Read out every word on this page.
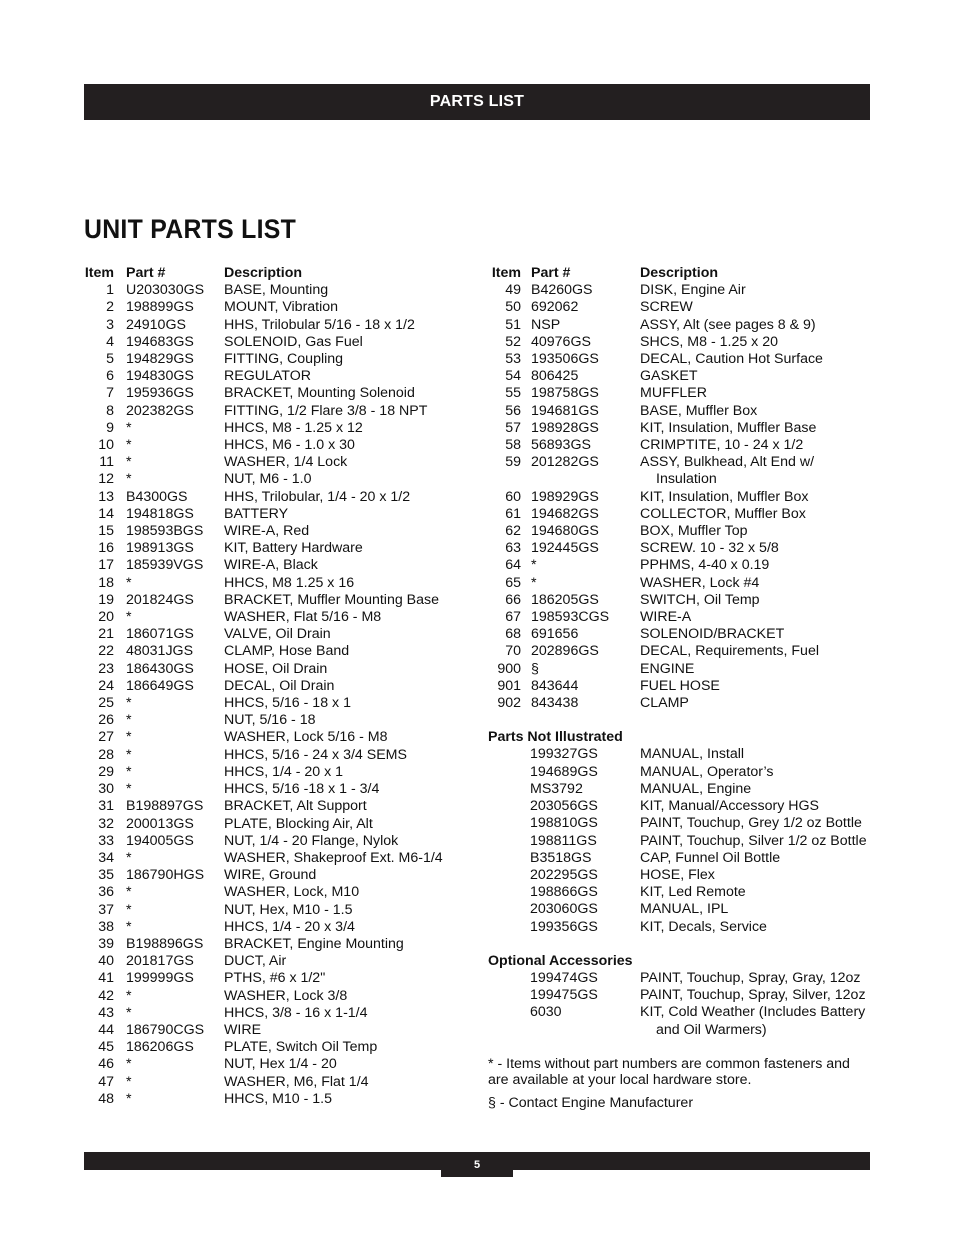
PARTS LIST
UNIT PARTS LIST
Item Part #	Description
1 U203030GS	BASE, Mounting
2 198899GS	MOUNT, Vibration
3 24910GS	HHS, Trilobular 5/16 - 18 x 1/2
4 194683GS	SOLENOID, Gas Fuel
5 194829GS	FITTING, Coupling
6 194830GS	REGULATOR
7 195936GS	BRACKET, Mounting Solenoid
8 202382GS	FITTING, 1/2 Flare 3/8 - 18 NPT
9 *	HHCS, M8 - 1.25 x 12
10 *	HHCS, M6 - 1.0 x 30
11 *	WASHER, 1/4 Lock
12 *	NUT, M6 - 1.0
13 B4300GS	HHS, Trilobular, 1/4 - 20 x 1/2
14 194818GS	BATTERY
15 198593BGS	WIRE-A, Red
16 198913GS	KIT, Battery Hardware
17 185939VGS	WIRE-A, Black
18 *	HHCS, M8 1.25 x 16
19 201824GS	BRACKET, Muffler Mounting Base
20 *	WASHER, Flat 5/16 - M8
21 186071GS	VALVE, Oil Drain
22 48031JGS	CLAMP, Hose Band
23 186430GS	HOSE, Oil Drain
24 186649GS	DECAL, Oil Drain
25 *	HHCS, 5/16 - 18 x 1
26 *	NUT, 5/16 - 18
27 *	WASHER, Lock 5/16 - M8
28 *	HHCS, 5/16 - 24 x 3/4 SEMS
29 *	HHCS, 1/4 - 20 x 1
30 *	HHCS, 5/16 -18 x 1 - 3/4
31 B198897GS	BRACKET, Alt Support
32 200013GS	PLATE, Blocking Air, Alt
33 194005GS	NUT, 1/4 - 20 Flange, Nylok
34 *	WASHER, Shakeproof Ext. M6-1/4
35 186790HGS	WIRE, Ground
36 *	WASHER, Lock, M10
37 *	NUT, Hex, M10 - 1.5
38 *	HHCS, 1/4 - 20 x 3/4
39 B198896GS	BRACKET, Engine Mounting
40 201817GS	DUCT, Air
41 199999GS	PTHS, #6 x 1/2"
42 *	WASHER, Lock 3/8
43 *	HHCS, 3/8 - 16 x 1-1/4
44 186790CGS	WIRE
45 186206GS	PLATE, Switch Oil Temp
46 *	NUT, Hex 1/4 - 20
47 *	WASHER, M6, Flat 1/4
48 *	HHCS, M10 - 1.5
Item Part #	Description
49 B4260GS	DISK, Engine Air
50 692062	SCREW
51 NSP	ASSY, Alt (see pages 8 & 9)
52 40976GS	SHCS, M8 - 1.25 x 20
53 193506GS	DECAL, Caution Hot Surface
54 806425	GASKET
55 198758GS	MUFFLER
56 194681GS	BASE, Muffler Box
57 198928GS	KIT, Insulation, Muffler Base
58 56893GS	CRIMPTITE, 10 - 24 x 1/2
59 201282GS	ASSY, Bulkhead, Alt End w/
Insulation
60 198929GS	KIT, Insulation, Muffler Box
61 194682GS	COLLECTOR, Muffler Box
62 194680GS	BOX, Muffler Top
63 192445GS	SCREW. 10 - 32 x 5/8
64 *	PPHMS, 4-40 x 0.19
65 *	WASHER, Lock #4
66 186205GS	SWITCH, Oil Temp
67 198593CGS	WIRE-A
68 691656	SOLENOID/BRACKET
70 202896GS	DECAL, Requirements, Fuel
900 §	ENGINE
901 843644	FUEL HOSE
902 843438	CLAMP
Parts Not Illustrated
199327GS	MANUAL, Install
194689GS	MANUAL, Operator’s
MS3792	MANUAL, Engine
203056GS	KIT, Manual/Accessory HGS
198810GS	PAINT, Touchup, Grey 1/2 oz Bottle
198811GS	PAINT, Touchup, Silver 1/2 oz Bottle
B3518GS	CAP, Funnel Oil Bottle
202295GS	HOSE, Flex
198866GS	KIT, Led Remote
203060GS	MANUAL, IPL
199356GS	KIT, Decals, Service
Optional Accessories
199474GS	PAINT, Touchup, Spray, Gray, 12oz
199475GS	PAINT, Touchup, Spray, Silver, 12oz
6030	KIT, Cold Weather (Includes Battery
and Oil Warmers)
* - Items without part numbers are common fasteners and are available at your local hardware store.
§ - Contact Engine Manufacturer
5
